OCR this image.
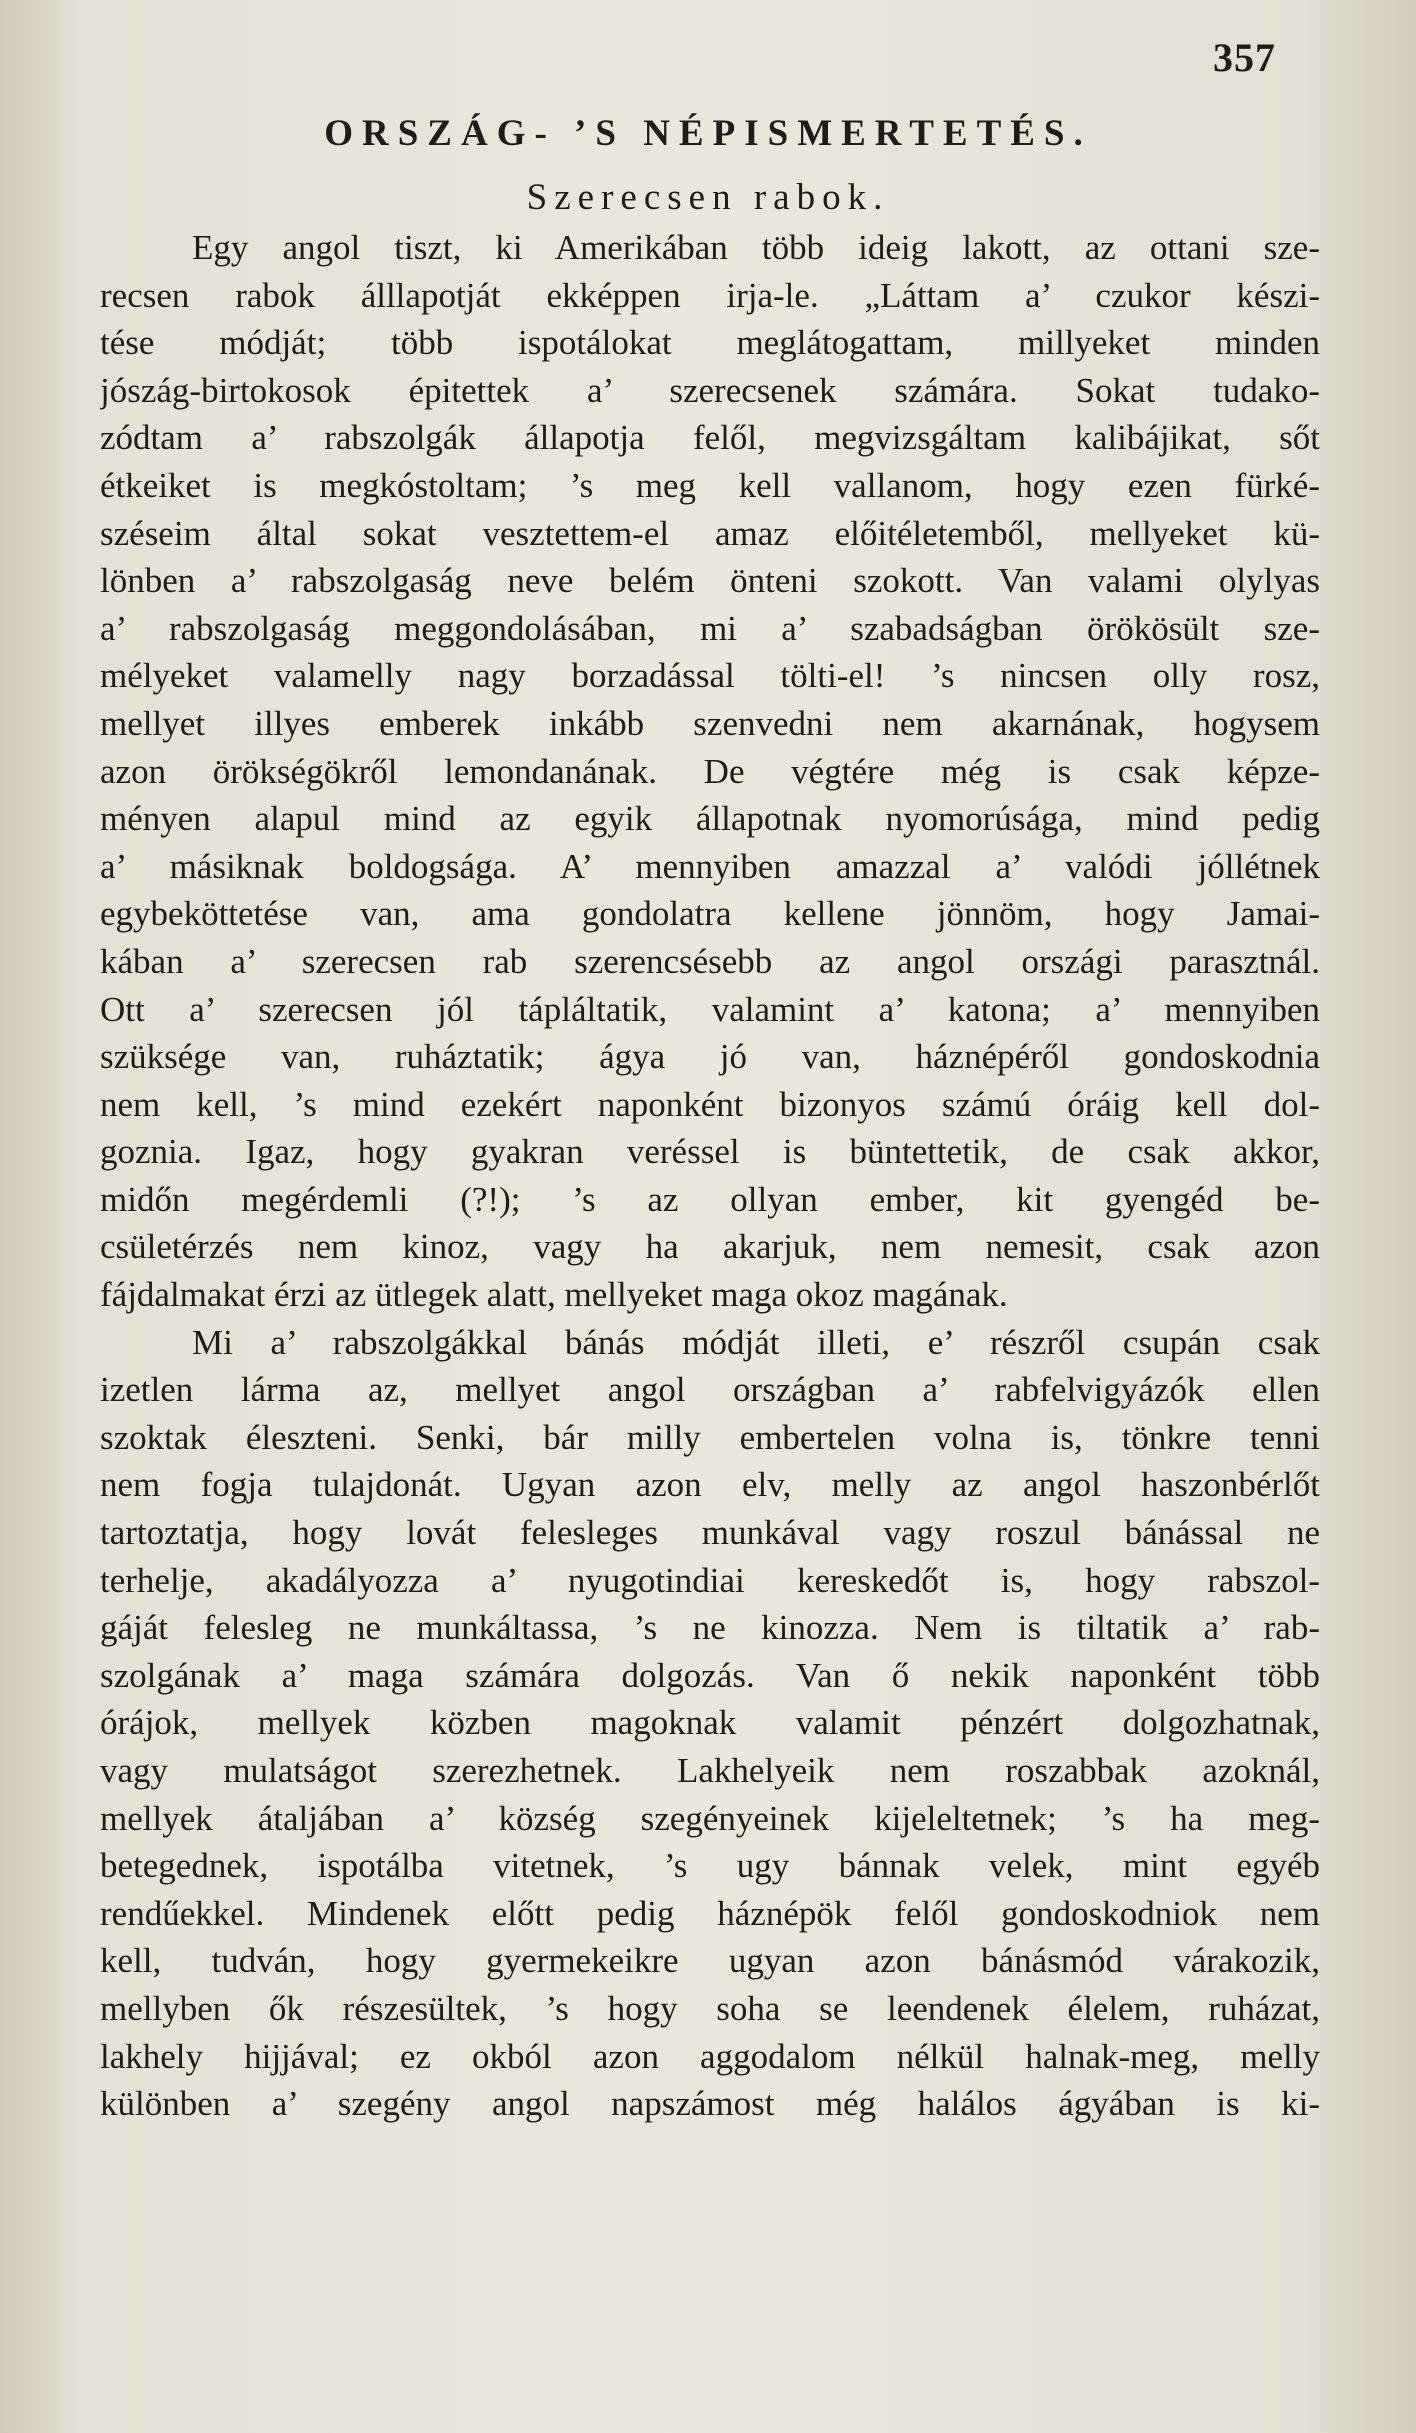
357
ORSZÁG- ’S NÉPISMERTETÉS.
Szerecsen rabok.
Egy angol tiszt, ki Amerikában több ideig lakott, az ottani sze-
recsen rabok álllapotját ekképpen irja-le. „Láttam a’ czukor készi-
tése módját; több ispotálokat meglátogattam, millyeket minden
jószág-birtokosok épitettek a’ szerecsenek számára. Sokat tudako-
zódtam a’ rabszolgák állapotja felől, megvizsgáltam kalibájikat, sőt
étkeiket is megkóstoltam; ’s meg kell vallanom, hogy ezen fürké-
széseim által sokat vesztettem-el amaz előitéletemből, mellyeket kü-
lönben a’ rabszolgaság neve belém önteni szokott. Van valami olylyas
a’ rabszolgaság meggondolásában, mi a’ szabadságban örökösült sze-
mélyeket valamelly nagy borzadással tölti-el! ’s nincsen olly rosz,
mellyet illyes emberek inkább szenvedni nem akarnának, hogysem
azon örökségökről lemondanának. De végtére még is csak képze-
ményen alapul mind az egyik állapotnak nyomorúsága, mind pedig
a’ másiknak boldogsága. A’ mennyiben amazzal a’ valódi jóllétnek
egybeköttetése van, ama gondolatra kellene jönnöm, hogy Jamai-
kában a’ szerecsen rab szerencsésebb az angol országi parasztnál.
Ott a’ szerecsen jól tápláltatik, valamint a’ katona; a’ mennyiben
szüksége van, ruháztatik; ágya jó van, háznépéről gondoskodnia
nem kell, ’s mind ezekért naponként bizonyos számú óráig kell dol-
goznia. Igaz, hogy gyakran veréssel is büntettetik, de csak akkor,
midőn megérdemli (?!); ’s az ollyan ember, kit gyengéd be-
csületérzés nem kinoz, vagy ha akarjuk, nem nemesit, csak azon
fájdalmakat érzi az ütlegek alatt, mellyeket maga okoz magának.
Mi a’ rabszolgákkal bánás módját illeti, e’ részről csupán csak
izetlen lárma az, mellyet angol országban a’ rabfelvigyázók ellen
szoktak éleszteni. Senki, bár milly embertelen volna is, tönkre tenni
nem fogja tulajdonát. Ugyan azon elv, melly az angol haszonbérlőt
tartoztatja, hogy lovát felesleges munkával vagy roszul bánással ne
terhelje, akadályozza a’ nyugotindiai kereskedőt is, hogy rabszol-
gáját felesleg ne munkáltassa, ’s ne kinozza. Nem is tiltatik a’ rab-
szolgának a’ maga számára dolgozás. Van ő nekik naponként több
órájok, mellyek közben magoknak valamit pénzért dolgozhatnak,
vagy mulatságot szerezhetnek. Lakhelyeik nem roszabbak azoknál,
mellyek átaljában a’ község szegényeinek kijeleltetnek; ’s ha meg-
betegednek, ispotálba vitetnek, ’s ugy bánnak velek, mint egyéb
rendűekkel. Mindenek előtt pedig háznépök felől gondoskodniok nem
kell, tudván, hogy gyermekeikre ugyan azon bánásmód várakozik,
mellyben ők részesültek, ’s hogy soha se leendenek élelem, ruházat,
lakhely hijjával; ez okból azon aggodalom nélkül halnak-meg, melly
különben a’ szegény angol napszámost még halálos ágyában is ki-
